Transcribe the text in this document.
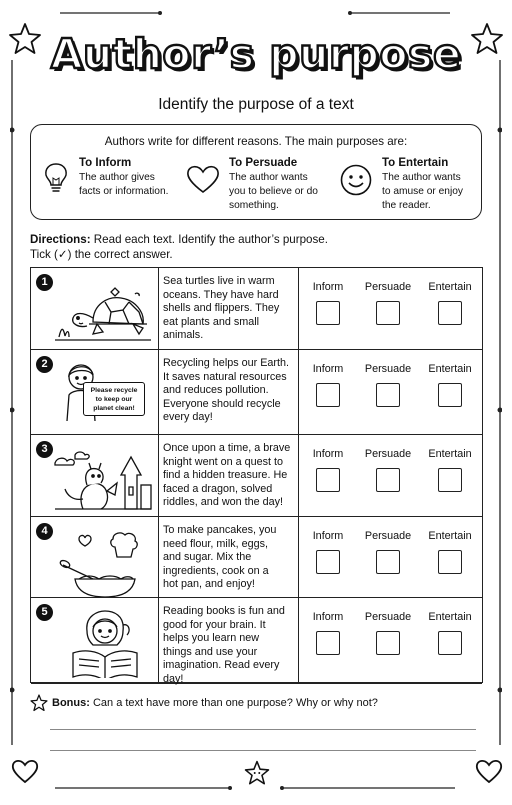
Author’s purpose
Identify the purpose of a text
Authors write for different reasons. The main purposes are:
To Inform
The author gives
facts or information.
To Persuade
The author wants
you to believe or do
something.
To Entertain
The author wants
to amuse or enjoy
the reader.
Directions: Read each text. Identify the author’s purpose.
Tick (✓) the correct answer.
1	Sea turtles live in warm
oceans. They have hard
shells and flippers. They
eat plants and small
animals.
Inform	Persuade	Entertain
2
Please recycle
to keep our
planet clean!
Recycling helps our Earth.
It saves natural resources
and reduces pollution.
Everyone should recycle
every day!
Inform	Persuade	Entertain
3	Once upon a time, a brave
knight went on a quest to
find a hidden treasure. He
faced a dragon, solved
riddles, and won the day!
Inform	Persuade	Entertain
4	To make pancakes, you
need flour, milk, eggs,
and sugar. Mix the
ingredients, cook on a
hot pan, and enjoy!
Inform	Persuade	Entertain
5	Reading books is fun and
good for your brain. It
helps you learn new
things and use your
imagination. Read every
day!
Inform	Persuade	Entertain
Bonus: Can a text have more than one purpose? Why or why not?
